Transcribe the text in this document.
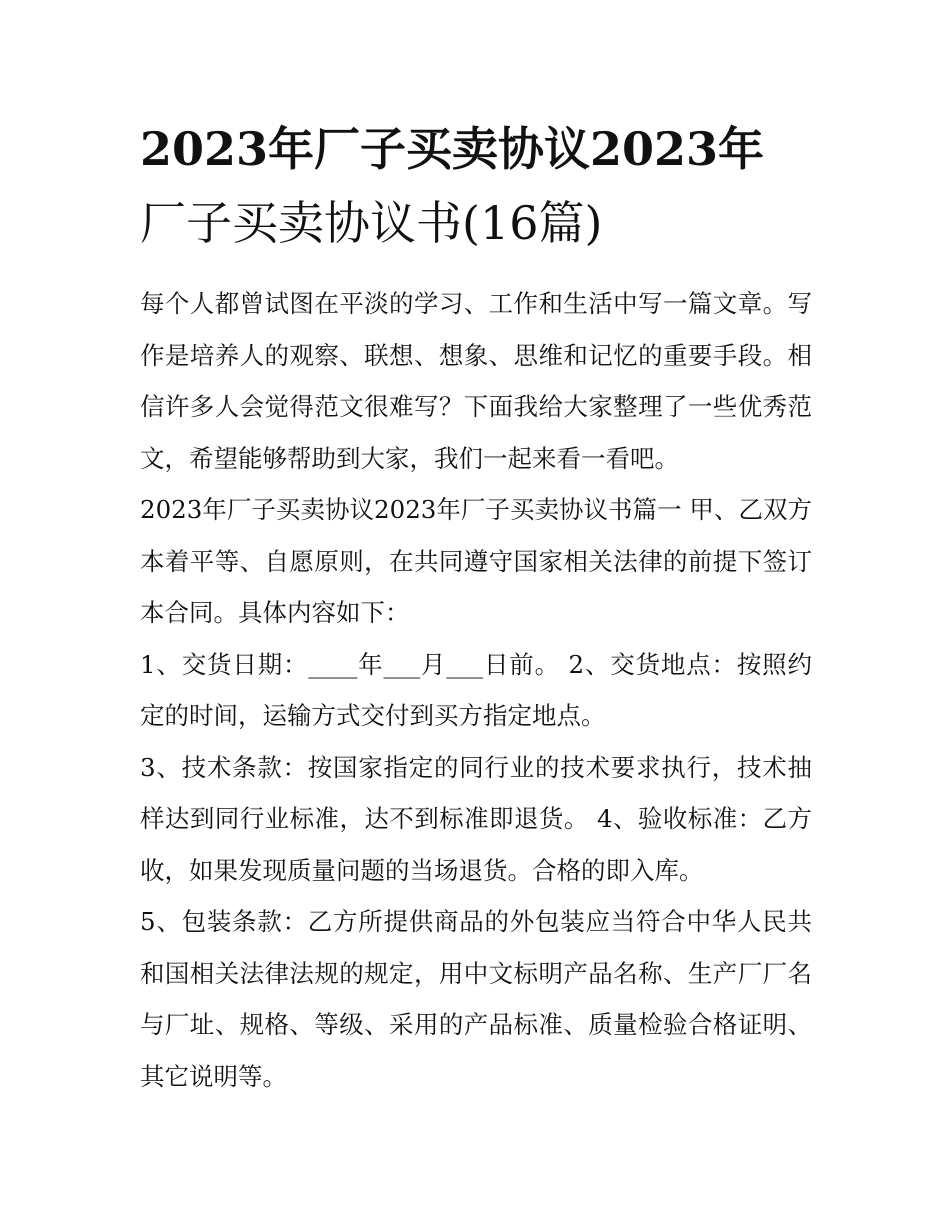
2023年厂子买卖协议2023年
厂子买卖协议书(16篇)

每个人都曾试图在平淡的学习、工作和生活中写一篇文章。写作是培养人的观察、联想、想象、思维和记忆的重要手段。相信许多人会觉得范文很难写？下面我给大家整理了一些优秀范文，希望能够帮助到大家，我们一起来看一看吧。

2023年厂子买卖协议2023年厂子买卖协议书篇一 甲、乙双方本着平等、自愿原则，在共同遵守国家相关法律的前提下签订本合同。具体内容如下：

1、交货日期：____年___月___日前。 2、交货地点：按照约定的时间，运输方式交付到买方指定地点。

3、技术条款：按国家指定的同行业的技术要求执行，技术抽样达到同行业标准，达不到标准即退货。 4、验收标准：乙方收，如果发现质量问题的当场退货。合格的即入库。

5、包装条款：乙方所提供商品的外包装应当符合中华人民共和国相关法律法规的规定，用中文标明产品名称、生产厂厂名与厂址、规格、等级、采用的产品标准、质量检验合格证明、其它说明等。
